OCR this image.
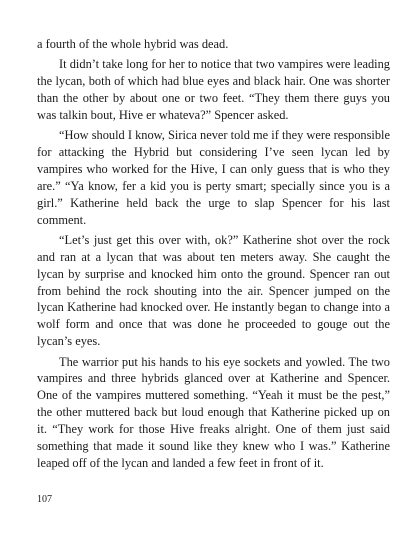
a fourth of the whole hybrid was dead.

It didn’t take long for her to notice that two vampires were leading the lycan, both of which had blue eyes and black hair. One was shorter than the other by about one or two feet. “They them there guys you was talkin bout, Hive er whateva?” Spencer asked.

“How should I know, Sirica never told me if they were responsible for attacking the Hybrid but considering I’ve seen lycan led by vampires who worked for the Hive, I can only guess that is who they are.” “Ya know, fer a kid you is perty smart; specially since you is a girl.” Katherine held back the urge to slap Spencer for his last comment.

“Let’s just get this over with, ok?” Katherine shot over the rock and ran at a lycan that was about ten meters away. She caught the lycan by surprise and knocked him onto the ground. Spencer ran out from behind the rock shouting into the air. Spencer jumped on the lycan Katherine had knocked over. He instantly began to change into a wolf form and once that was done he proceeded to gouge out the lycan’s eyes.

The warrior put his hands to his eye sockets and yowled. The two vampires and three hybrids glanced over at Katherine and Spencer. One of the vampires muttered something. “Yeah it must be the pest,” the other muttered back but loud enough that Katherine picked up on it. “They work for those Hive freaks alright. One of them just said something that made it sound like they knew who I was.” Katherine leaped off of the lycan and landed a few feet in front of it.

107
